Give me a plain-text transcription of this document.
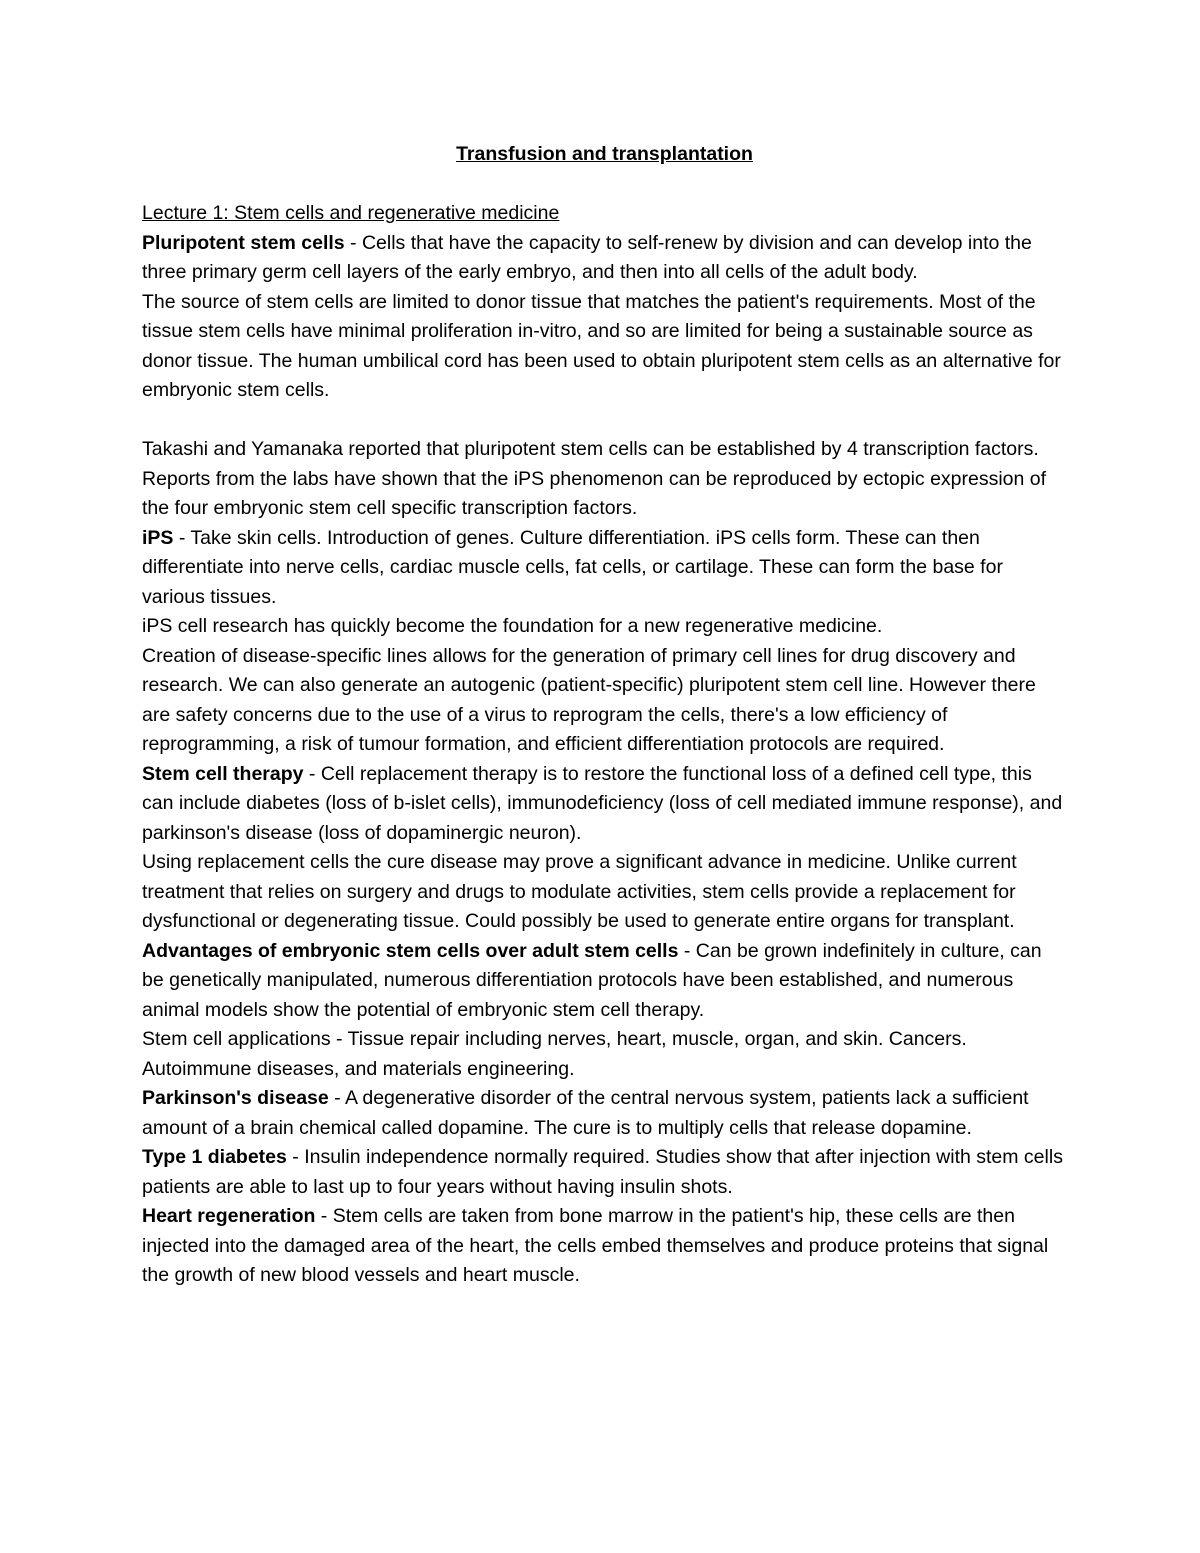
Transfusion and transplantation

Lecture 1: Stem cells and regenerative medicine

Pluripotent stem cells - Cells that have the capacity to self-renew by division and can develop into the three primary germ cell layers of the early embryo, and then into all cells of the adult body.

The source of stem cells are limited to donor tissue that matches the patient's requirements. Most of the tissue stem cells have minimal proliferation in-vitro, and so are limited for being a sustainable source as donor tissue. The human umbilical cord has been used to obtain pluripotent stem cells as an alternative for embryonic stem cells.

Takashi and Yamanaka reported that pluripotent stem cells can be established by 4 transcription factors. Reports from the labs have shown that the iPS phenomenon can be reproduced by ectopic expression of the four embryonic stem cell specific transcription factors.

iPS - Take skin cells. Introduction of genes. Culture differentiation. iPS cells form. These can then differentiate into nerve cells, cardiac muscle cells, fat cells, or cartilage. These can form the base for various tissues.

iPS cell research has quickly become the foundation for a new regenerative medicine.

Creation of disease-specific lines allows for the generation of primary cell lines for drug discovery and research. We can also generate an autogenic (patient-specific) pluripotent stem cell line. However there are safety concerns due to the use of a virus to reprogram the cells, there's a low efficiency of reprogramming, a risk of tumour formation, and efficient differentiation protocols are required.

Stem cell therapy - Cell replacement therapy is to restore the functional loss of a defined cell type, this can include diabetes (loss of b-islet cells), immunodeficiency (loss of cell mediated immune response), and parkinson's disease (loss of dopaminergic neuron).

Using replacement cells the cure disease may prove a significant advance in medicine. Unlike current treatment that relies on surgery and drugs to modulate activities, stem cells provide a replacement for dysfunctional or degenerating tissue. Could possibly be used to generate entire organs for transplant.

Advantages of embryonic stem cells over adult stem cells - Can be grown indefinitely in culture, can be genetically manipulated, numerous differentiation protocols have been established, and numerous animal models show the potential of embryonic stem cell therapy.

Stem cell applications - Tissue repair including nerves, heart, muscle, organ, and skin. Cancers. Autoimmune diseases, and materials engineering.

Parkinson's disease - A degenerative disorder of the central nervous system, patients lack a sufficient amount of a brain chemical called dopamine. The cure is to multiply cells that release dopamine.

Type 1 diabetes - Insulin independence normally required. Studies show that after injection with stem cells patients are able to last up to four years without having insulin shots.

Heart regeneration - Stem cells are taken from bone marrow in the patient's hip, these cells are then injected into the damaged area of the heart, the cells embed themselves and produce proteins that signal the growth of new blood vessels and heart muscle.
